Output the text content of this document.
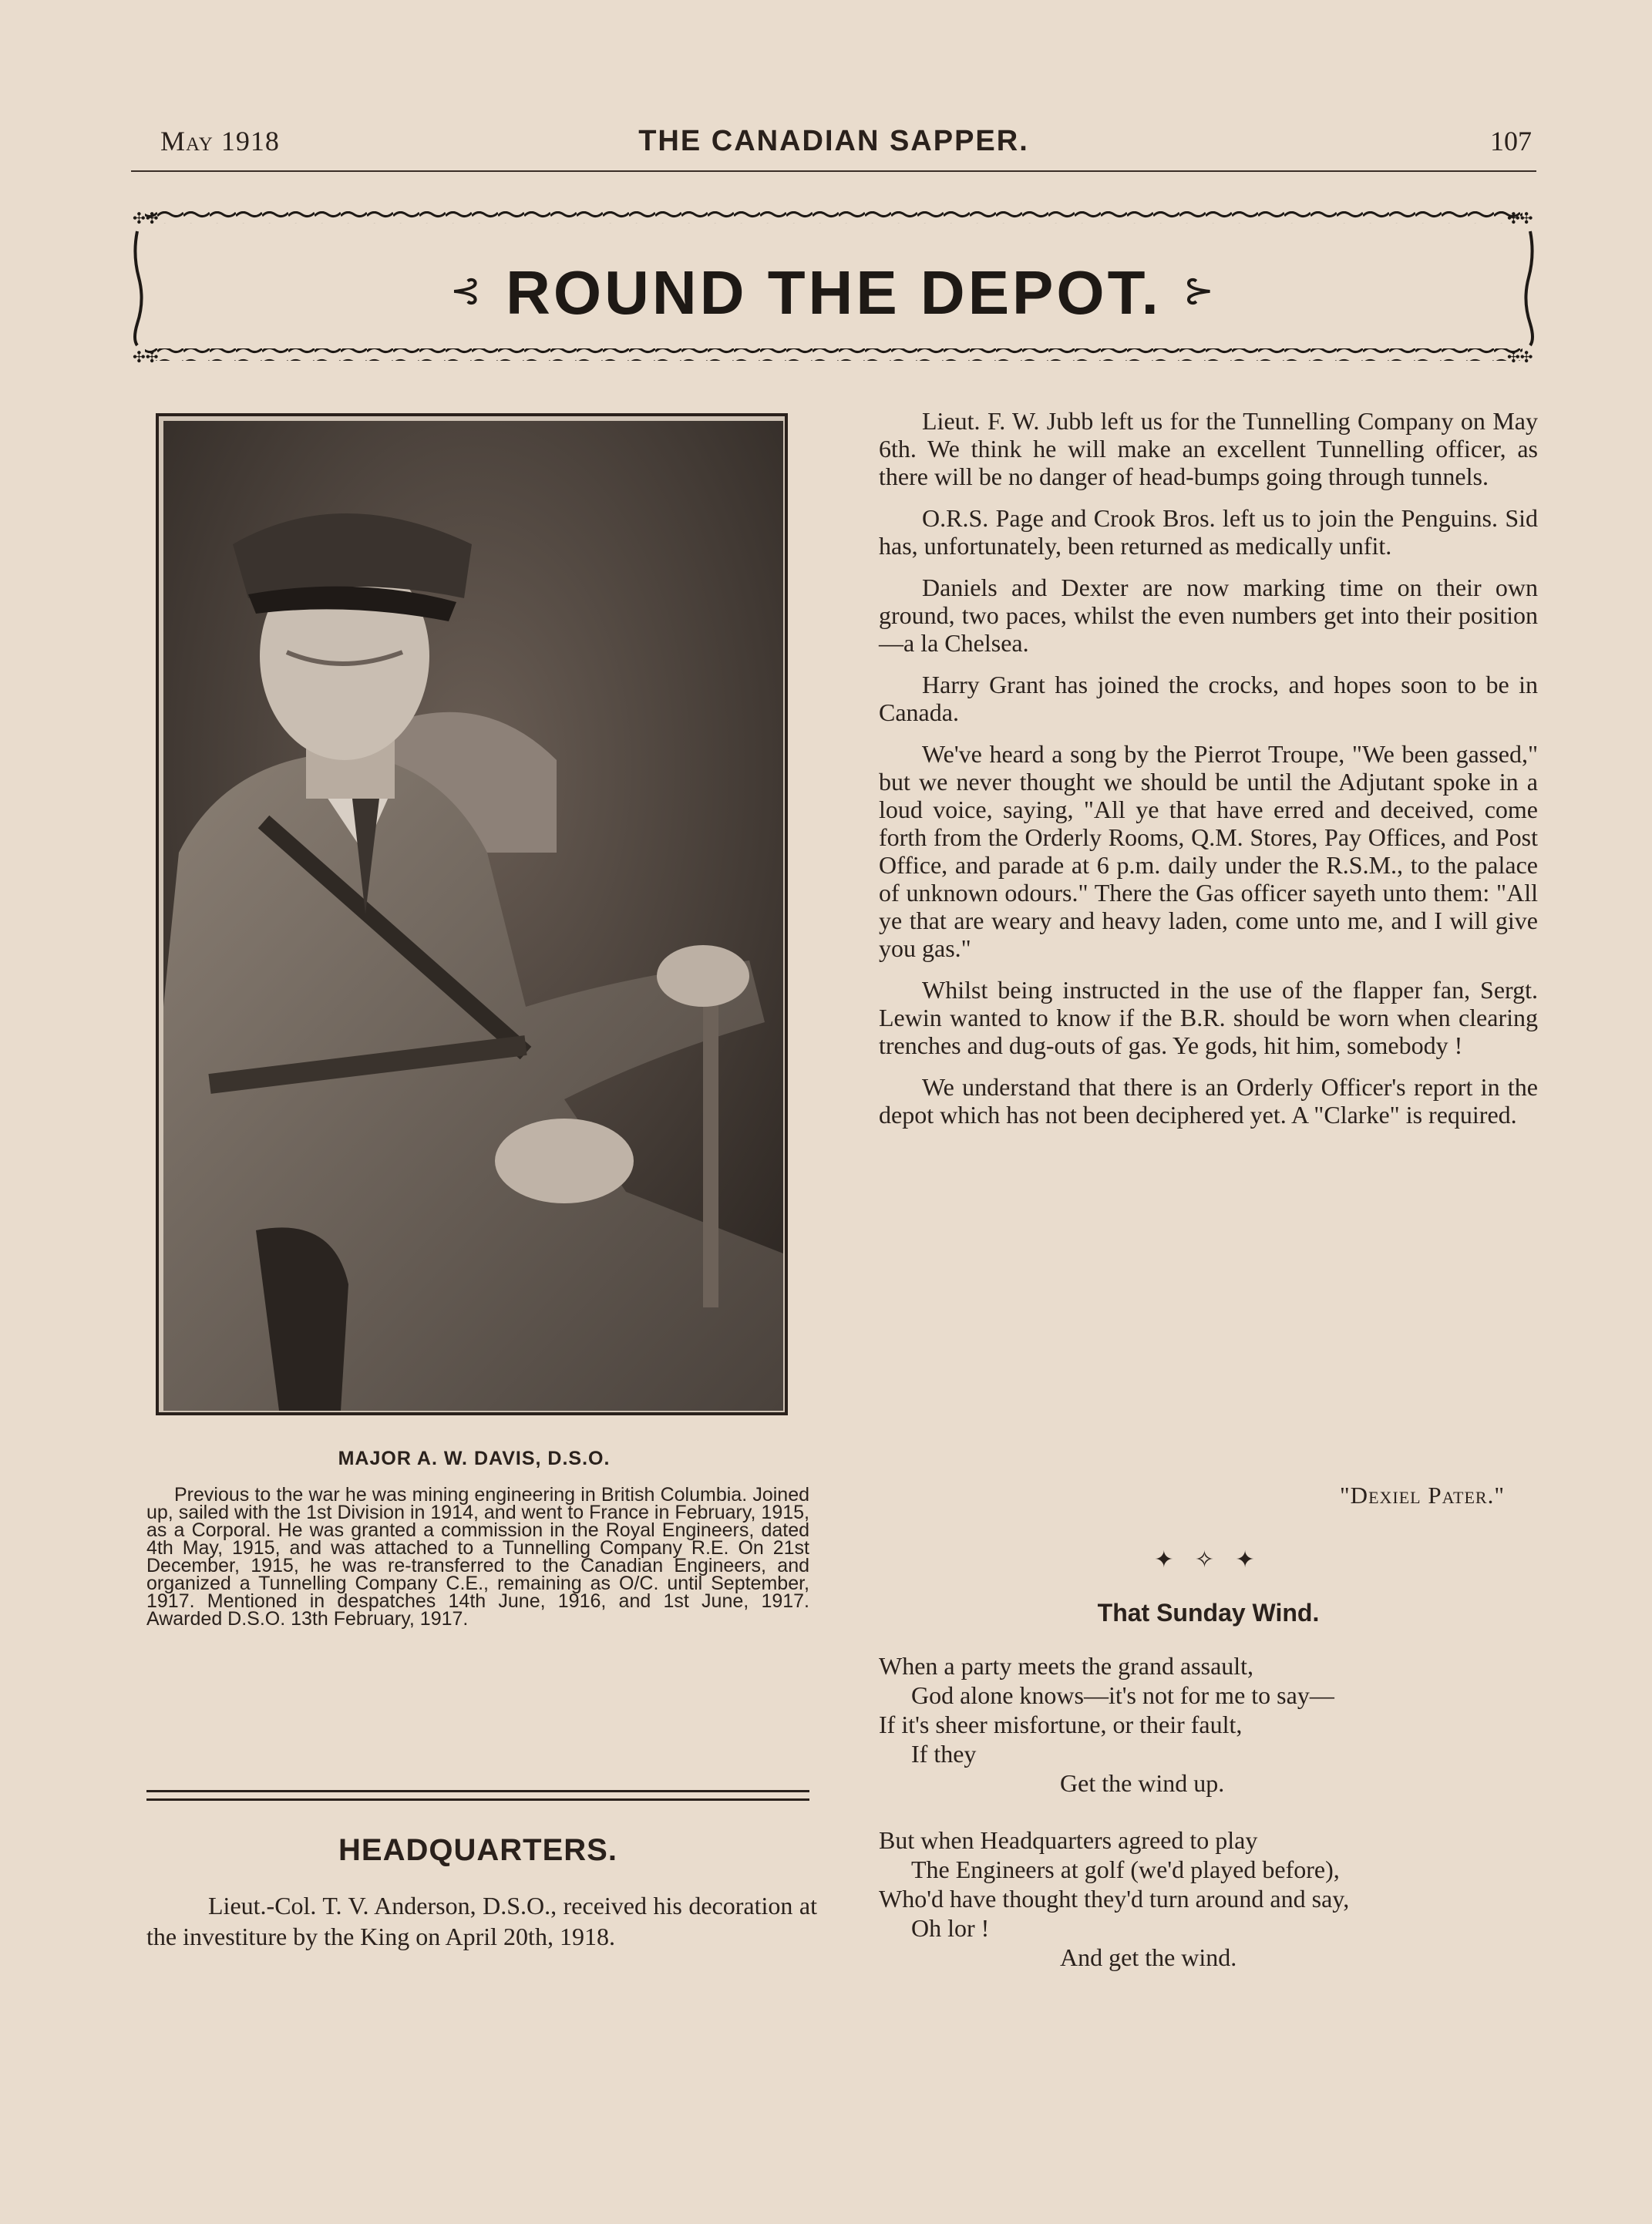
May 1918	THE CANADIAN SAPPER.	107
✣✣	✣✣
✣✣	✣✣
⊰ ROUND THE DEPOT. ⊱
MAJOR A. W. DAVIS, D.S.O.

Previous to the war he was mining engineering in British Columbia. Joined up, sailed with the 1st Division in 1914, and went to France in February, 1915, as a Corporal. He was granted a commission in the Royal Engineers, dated 4th May, 1915, and was attached to a Tunnelling Company R.E. On 21st December, 1915, he was re-transferred to the Canadian Engineers, and organized a Tunnelling Company C.E., remaining as O/C. until September, 1917. Mentioned in despatches 14th June, 1916, and 1st June, 1917. Awarded D.S.O. 13th February, 1917.

HEADQUARTERS.

Lieut.-Col. T. V. Anderson, D.S.O., received his decoration at the investiture by the King on April 20th, 1918.

Lieut. F. W. Jubb left us for the Tunnelling Company on May 6th. We think he will make an excellent Tunnelling officer, as there will be no danger of head-bumps going through tunnels.

O.R.S. Page and Crook Bros. left us to join the Penguins. Sid has, unfortunately, been returned as medically unfit.

Daniels and Dexter are now marking time on their own ground, two paces, whilst the even numbers get into their position—a la Chelsea.

Harry Grant has joined the crocks, and hopes soon to be in Canada.

We've heard a song by the Pierrot Troupe, "We been gassed," but we never thought we should be until the Adjutant spoke in a loud voice, saying, "All ye that have erred and deceived, come forth from the Orderly Rooms, Q.M. Stores, Pay Offices, and Post Office, and parade at 6 p.m. daily under the R.S.M., to the palace of unknown odours." There the Gas officer sayeth unto them: "All ye that are weary and heavy laden, come unto me, and I will give you gas."

Whilst being instructed in the use of the flapper fan, Sergt. Lewin wanted to know if the B.R. should be worn when clearing trenches and dug-outs of gas. Ye gods, hit him, somebody !

We understand that there is an Orderly Officer's report in the depot which has not been deciphered yet. A "Clarke" is required.

"Dexiel Pater."
✦ ✧ ✦
That Sunday Wind.
When a party meets the grand assault,
God alone knows—it's not for me to say—
If it's sheer misfortune, or their fault,
If they
Get the wind up.
But when Headquarters agreed to play
The Engineers at golf (we'd played before),
Who'd have thought they'd turn around and say,
Oh lor !
And get the wind.
